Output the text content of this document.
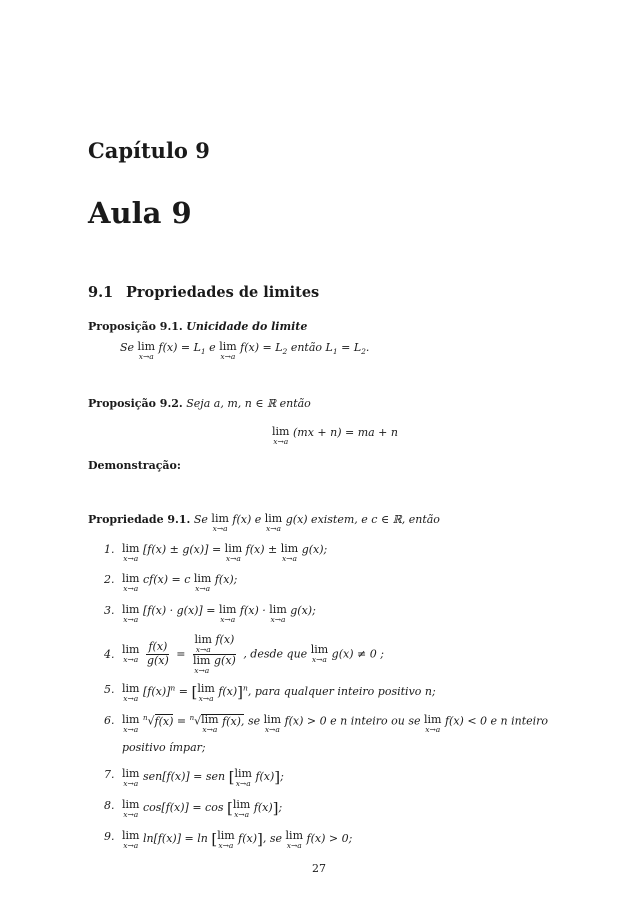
Capítulo 9
Aula 9
9.1 Propriedades de limites
Proposição 9.1. Unicidade do limite
Se lim
x→a
$f(x) = L_1$ e lim
x→a
$f(x) = L_2$ então $L_1 = L_2$.
Proposição 9.2. Seja a, m, n ∈ ℝ então
lim
x→a
(mx + n) = ma + n
Demonstração:
Propriedade 9.1. Se lim
x→a
f(x) e lim
x→a
g(x) existem, e c ∈ ℝ, então
1. lim
x→a
[f(x) ± g(x)] = lim
x→a
f(x) ± lim
x→a
g(x);
2. lim
x→a
cf(x) = c lim
x→a
f(x);
3. lim
x→a
[f(x) · g(x)] = lim
x→a
f(x) · lim
x→a
g(x);
4. lim
x→a
$\frac{f(x)}{g(x)} = \lim$
x→a
f(x)
lim
x→a
g(x) , desde que lim
x→a g(x) ≠ 0 ;
5. lim
x→a
$[f(x)]^n$ = [ lim
x→a
f(x)]$^n$, para qualquer inteiro positivo n;
6. lim
x→a
$^n$√f(x) = $^n$√ lim
x→a
f(x), se lim
x→a
f(x) > 0 e n inteiro ou se lim
x→a
f(x) < 0 e n inteiro
positivo ímpar;
7. lim
x→a
sen[f(x)] = sen [ lim
x→a
f(x)];
8. lim
x→a
cos[f(x)] = cos [ lim
x→a
f(x)];
9. lim
x→a
ln[f(x)] = ln [ lim
x→a
f(x)], se lim
x→a
f(x) > 0;
27
